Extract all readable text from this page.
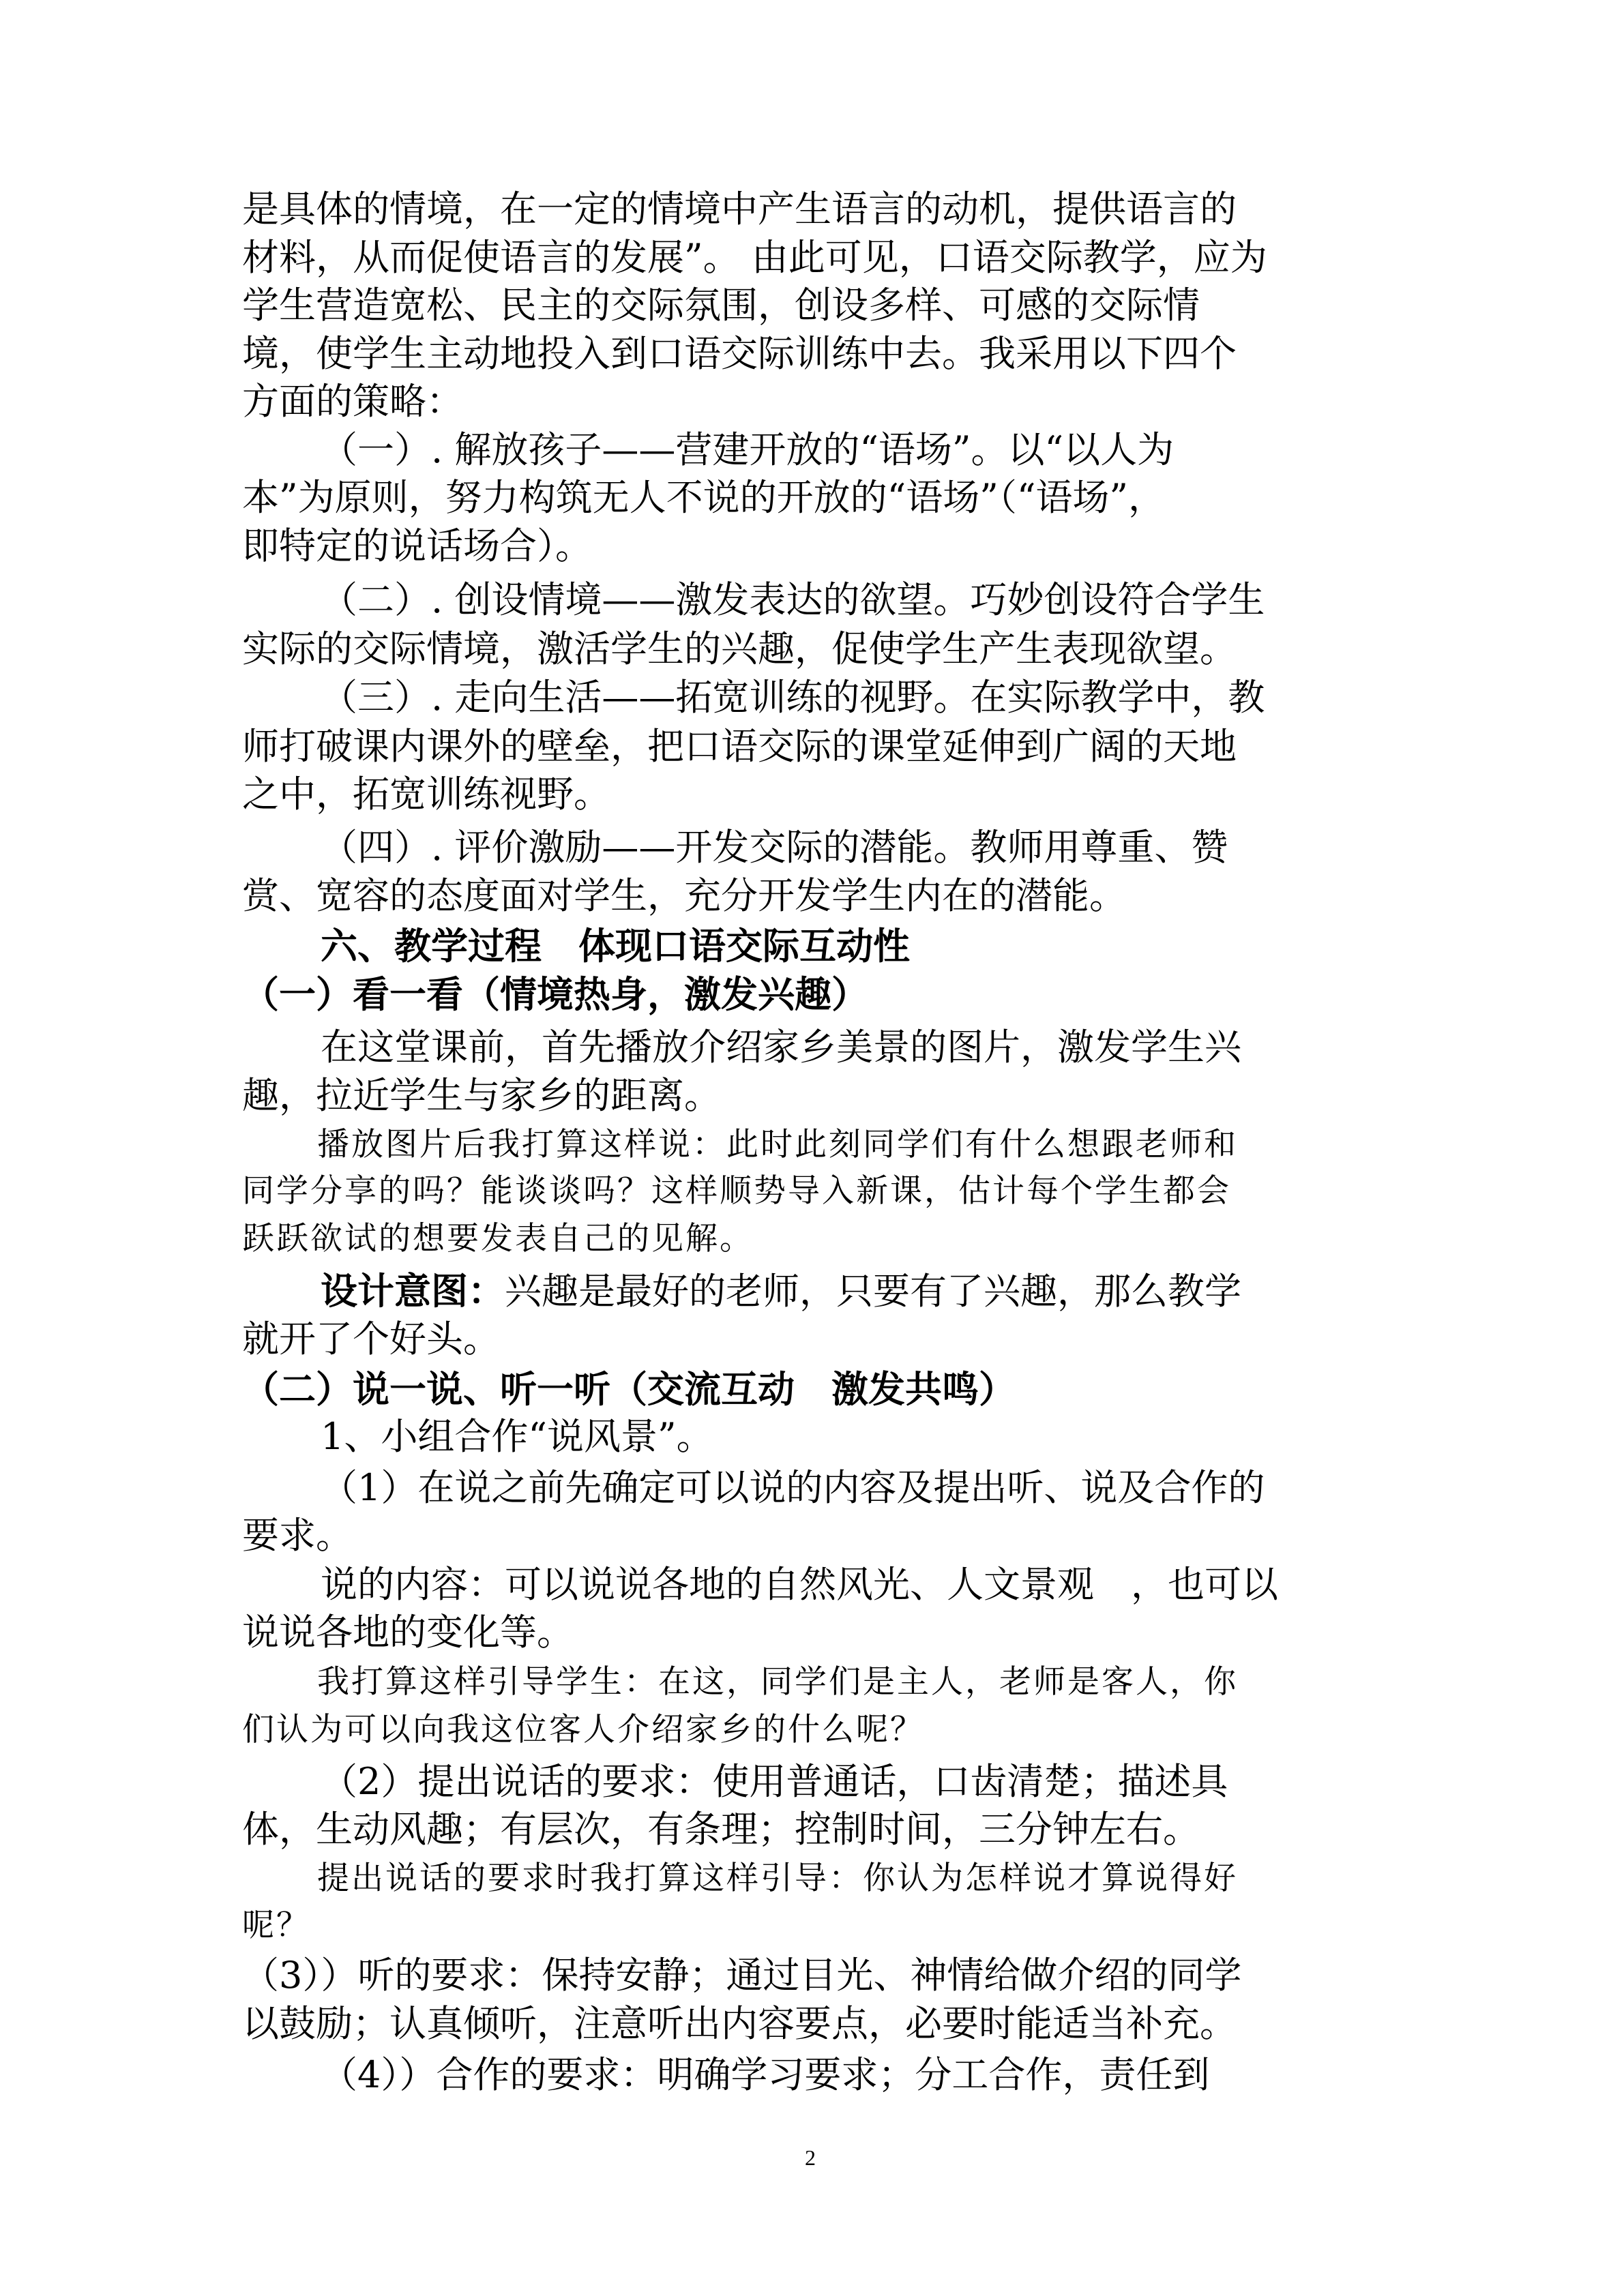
是具体的情境，在一定的情境中产生语言的动机，提供语言的
材料，从而促使语言的发展”。 由此可见，口语交际教学，应为
学生营造宽松、民主的交际氛围，创设多样、可感的交际情
境，使学生主动地投入到口语交际训练中去。我采用以下四个
方面的策略：
（一）. 解放孩子——营建开放的“语场”。以“以人为
本”为原则，努力构筑无人不说的开放的“语场”（“语场”，
即特定的说话场合）。
（二）. 创设情境——激发表达的欲望。巧妙创设符合学生
实际的交际情境，激活学生的兴趣，促使学生产生表现欲望。
（三）. 走向生活——拓宽训练的视野。在实际教学中，教
师打破课内课外的壁垒，把口语交际的课堂延伸到广阔的天地
之中，拓宽训练视野。
（四）. 评价激励——开发交际的潜能。教师用尊重、赞
赏、宽容的态度面对学生，充分开发学生内在的潜能。
六、教学过程　体现口语交际互动性
（一）看一看（情境热身，激发兴趣）
在这堂课前，首先播放介绍家乡美景的图片，激发学生兴
趣，拉近学生与家乡的距离。
播放图片后我打算这样说：此时此刻同学们有什么想跟老师和
同学分享的吗？能谈谈吗？这样顺势导入新课，估计每个学生都会
跃跃欲试的想要发表自己的见解。
设计意图：兴趣是最好的老师，只要有了兴趣，那么教学
就开了个好头。
（二）说一说、听一听（交流互动　激发共鸣）
1、小组合作“说风景”。
（1）在说之前先确定可以说的内容及提出听、说及合作的
要求。
说的内容：可以说说各地的自然风光、人文景观　，也可以
说说各地的变化等。
我打算这样引导学生：在这，同学们是主人，老师是客人，你
们认为可以向我这位客人介绍家乡的什么呢？
（2）提出说话的要求：使用普通话，口齿清楚；描述具
体，生动风趣；有层次，有条理；控制时间，三分钟左右。
提出说话的要求时我打算这样引导：你认为怎样说才算说得好
呢？
（3））听的要求：保持安静；通过目光、神情给做介绍的同学
以鼓励；认真倾听，注意听出内容要点，必要时能适当补充。
（4））合作的要求：明确学习要求；分工合作，责任到
2
